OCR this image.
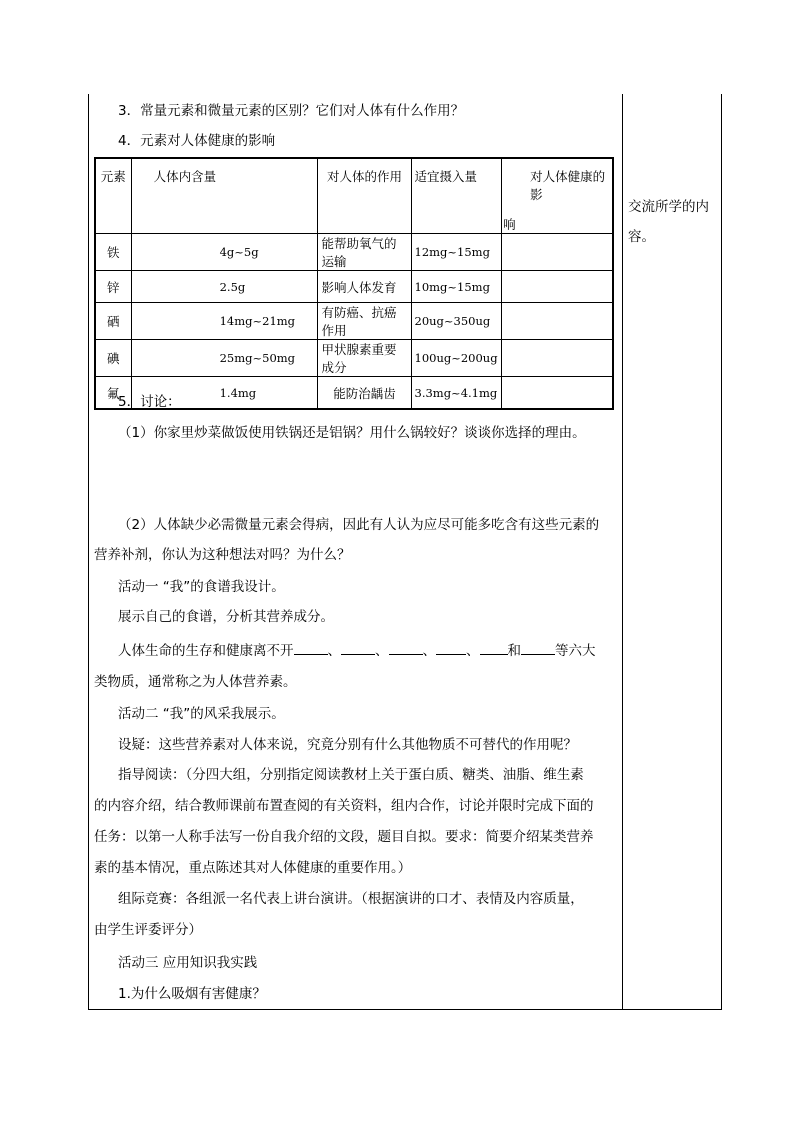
3．常量元素和微量元素的区别？它们对人体有什么作用？
4．元素对人体健康的影响
元素	人体内含量	对人体的作用	适宜摄入量	对人体健康的影
响

铁	4g~5g	能帮助氧气的运输	12mg~15mg	
锌	2.5g	影响人体发育	10mg~15mg	
硒	14mg~21mg	有防癌、抗癌作用	20ug~350ug	
碘	25mg~50mg	甲状腺素重要成分	100ug~200ug	
氟	1.4mg	能防治龋齿	3.3mg~4.1mg	
交流所学的内
容。
5．讨论：
（1）你家里炒菜做饭使用铁锅还是铝锅？用什么锅较好？谈谈你选择的理由。
（2）人体缺少必需微量元素会得病，因此有人认为应尽可能多吃含有这些元素的
营养补剂，你认为这种想法对吗？为什么？
活动一 “我”的食谱我设计。
展示自己的食谱，分析其营养成分。
人体生命的生存和健康离不开	、	、	、 、 和	等六大
类物质，通常称之为人体营养素。
活动二 “我”的风采我展示。
设疑：这些营养素对人体来说，究竟分别有什么其他物质不可替代的作用呢？
指导阅读：（分四大组，分别指定阅读教材上关于蛋白质、糖类、油脂、维生素
的内容介绍，结合教师课前布置查阅的有关资料，组内合作，讨论并限时完成下面的
任务：以第一人称手法写一份自我介绍的文段，题目自拟。要求：简要介绍某类营养
素的基本情况，重点陈述其对人体健康的重要作用。）
组际竞赛：各组派一名代表上讲台演讲。（根据演讲的口才、表情及内容质量，
由学生评委评分）
活动三 应用知识我实践
1.为什么吸烟有害健康？
